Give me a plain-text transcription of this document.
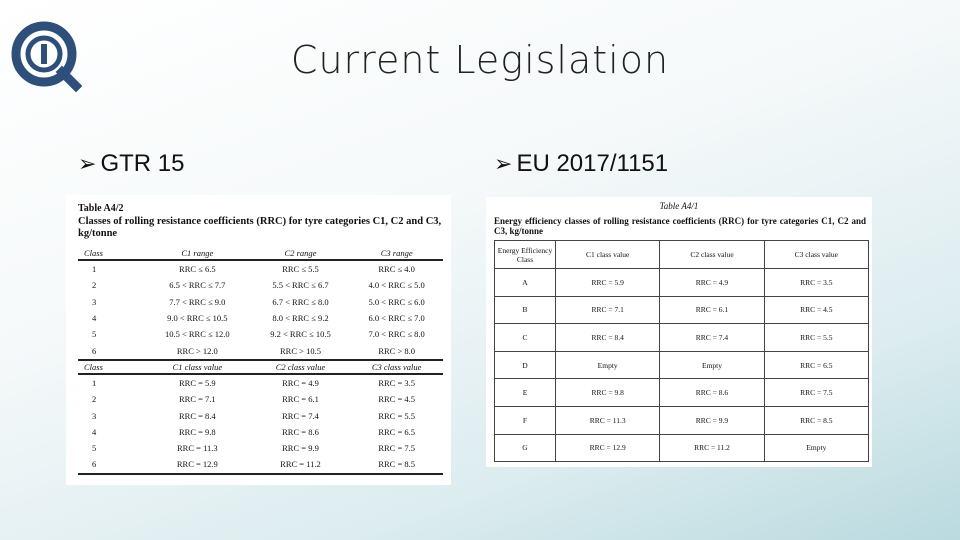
Current Legislation
➢ GTR 15	➢ EU 2017/1151
Table A4/2
Classes of rolling resistance coefficients (RRC) for tyre categories C1, C2 and C3, kg/tonne
Class	C1 range	C2 range	C3 range
1	RRC ≤ 6.5	RRC ≤ 5.5	RRC ≤ 4.0
2	6.5 < RRC ≤ 7.7	5.5 < RRC ≤ 6.7	4.0 < RRC ≤ 5.0
3	7.7 < RRC ≤ 9.0	6.7 < RRC ≤ 8.0	5.0 < RRC ≤ 6.0
4	9.0 < RRC ≤ 10.5	8.0 < RRC ≤ 9.2	6.0 < RRC ≤ 7.0
5	10.5 < RRC ≤ 12.0	9.2 < RRC ≤ 10.5	7.0 < RRC ≤ 8.0
6	RRC > 12.0	RRC > 10.5	RRC > 8.0
Class	C1 class value	C2 class value	C3 class value
1	RRC = 5.9	RRC = 4.9	RRC = 3.5
2	RRC = 7.1	RRC = 6.1	RRC = 4.5
3	RRC = 8.4	RRC = 7.4	RRC = 5.5
4	RRC = 9.8	RRC = 8.6	RRC = 6.5
5	RRC = 11.3	RRC = 9.9	RRC = 7.5
6	RRC = 12.9	RRC = 11.2	RRC = 8.5
Table A4/1
Energy efficiency classes of rolling resistance coefficients (RRC) for tyre categories C1, C2 and C3, kg/tonne
Energy Efficiency Class	C1 class value	C2 class value	C3 class value
A	RRC = 5.9	RRC = 4.9	RRC = 3.5
B	RRC = 7.1	RRC = 6.1	RRC = 4.5
C	RRC = 8.4	RRC = 7.4	RRC = 5.5
D	Empty	Empty	RRC = 6.5
E	RRC = 9.8	RRC = 8.6	RRC = 7.5
F	RRC = 11.3	RRC = 9.9	RRC = 8.5
G	RRC = 12.9	RRC = 11.2	Empty
